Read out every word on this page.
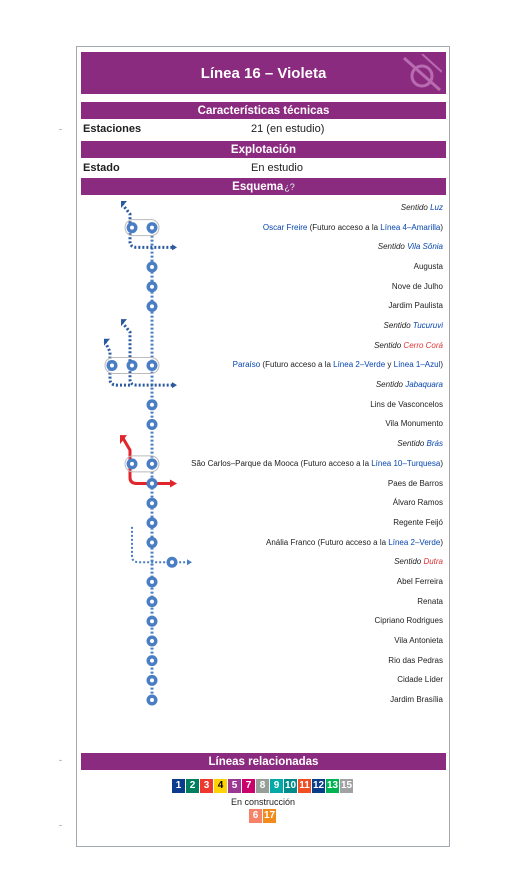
-
-
-
Línea 16 – Violeta
Características técnicas
Estaciones	21 (en estudio)
Explotación
Estado	En estudio
Esquema ¿?
Sentido Luz
Oscar Freire (Futuro acceso a la Línea 4–Amarilla)
Sentido Vila Sônia
Augusta
Nove de Julho
Jardim Paulista
Sentido Tucuruvi
Sentido Cerro Corá
Paraíso (Futuro acceso a la Línea 2–Verde y Línea 1–Azul)
Sentido Jabaquara
Lins de Vasconcelos
Vila Monumento
Sentido Brás
São Carlos–Parque da Mooca (Futuro acceso a la Línea 10–Turquesa)
Paes de Barros
Álvaro Ramos
Regente Feijó
Anália Franco (Futuro acceso a la Línea 2–Verde)
Sentido Dutra
Abel Ferreira
Renata
Cipriano Rodrigues
Vila Antonieta
Rio das Pedras
Cidade Líder
Jardim Brasília
Líneas relacionadas
1 2 3 4 5 7 8 9 10 11 12 13 15
En construcción
6 17
